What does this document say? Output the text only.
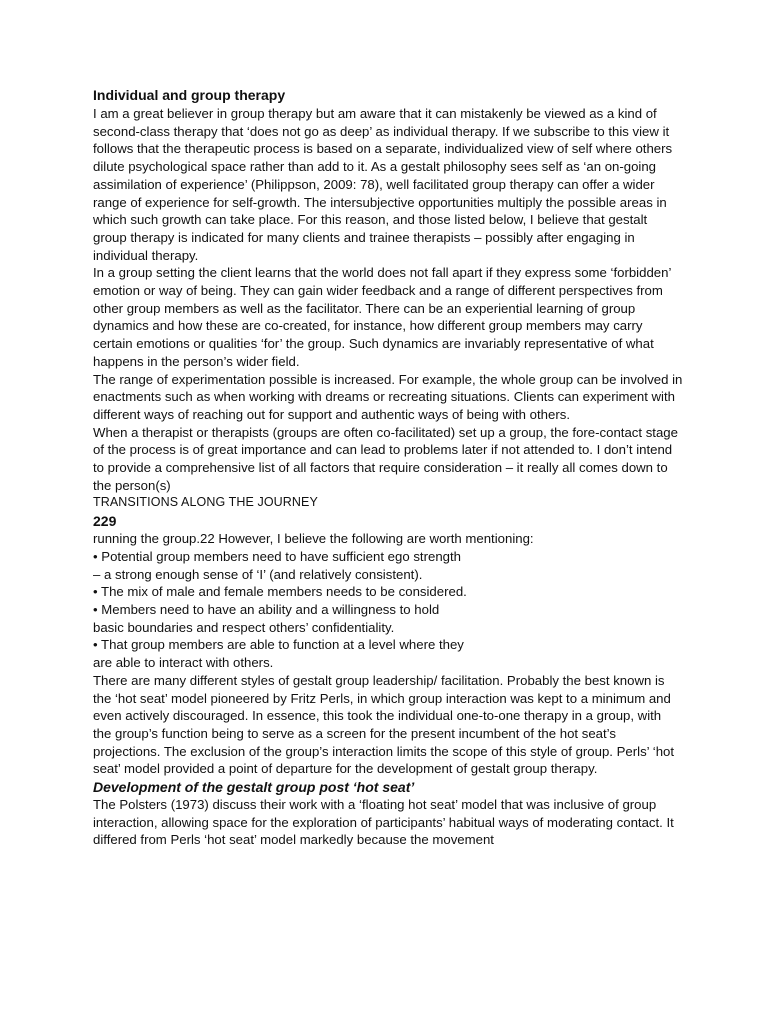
Individual and group therapy

I am a great believer in group therapy but am aware that it can mistakenly be viewed as a kind of second-class therapy that ‘does not go as deep’ as individual therapy. If we subscribe to this view it follows that the therapeutic process is based on a separate, individualized view of self where others dilute psychological space rather than add to it. As a gestalt philosophy sees self as ‘an on-going assimilation of experience’ (Philippson, 2009: 78), well facilitated group therapy can offer a wider range of experience for self-growth. The intersubjective opportunities multiply the possible areas in which such growth can take place. For this reason, and those listed below, I believe that gestalt group therapy is indicated for many clients and trainee therapists – possibly after engaging in individual therapy.

In a group setting the client learns that the world does not fall apart if they express some ‘forbidden’ emotion or way of being. They can gain wider feedback and a range of different perspectives from other group members as well as the facilitator. There can be an experiential learning of group dynamics and how these are co-created, for instance, how different group members may carry certain emotions or qualities ‘for’ the group. Such dynamics are invariably representative of what happens in the person’s wider field.

The range of experimentation possible is increased. For example, the whole group can be involved in enactments such as when working with dreams or recreating situations. Clients can experiment with different ways of reaching out for support and authentic ways of being with others.

When a therapist or therapists (groups are often co-facilitated) set up a group, the fore-contact stage of the process is of great importance and can lead to problems later if not attended to. I don’t intend to provide a comprehensive list of all factors that require consideration – it really all comes down to the person(s)

TRANSITIONS ALONG THE JOURNEY

229

running the group.22 However, I believe the following are worth mentioning:

• Potential group members need to have sufficient ego strength

– a strong enough sense of ‘I’ (and relatively consistent).

• The mix of male and female members needs to be considered.

• Members need to have an ability and a willingness to hold

basic boundaries and respect others’ confidentiality.

• That group members are able to function at a level where they

are able to interact with others.

There are many different styles of gestalt group leadership/ facilitation. Probably the best known is the ‘hot seat’ model pioneered by Fritz Perls, in which group interaction was kept to a minimum and even actively discouraged. In essence, this took the individual one-to-one therapy in a group, with the group’s function being to serve as a screen for the present incumbent of the hot seat’s projections. The exclusion of the group’s interaction limits the scope of this style of group. Perls’ ‘hot seat’ model provided a point of departure for the development of gestalt group therapy.

Development of the gestalt group post ‘hot seat’

The Polsters (1973) discuss their work with a ‘floating hot seat’ model that was inclusive of group interaction, allowing space for the exploration of participants’ habitual ways of moderating contact. It differed from Perls ‘hot seat’ model markedly because the movement
